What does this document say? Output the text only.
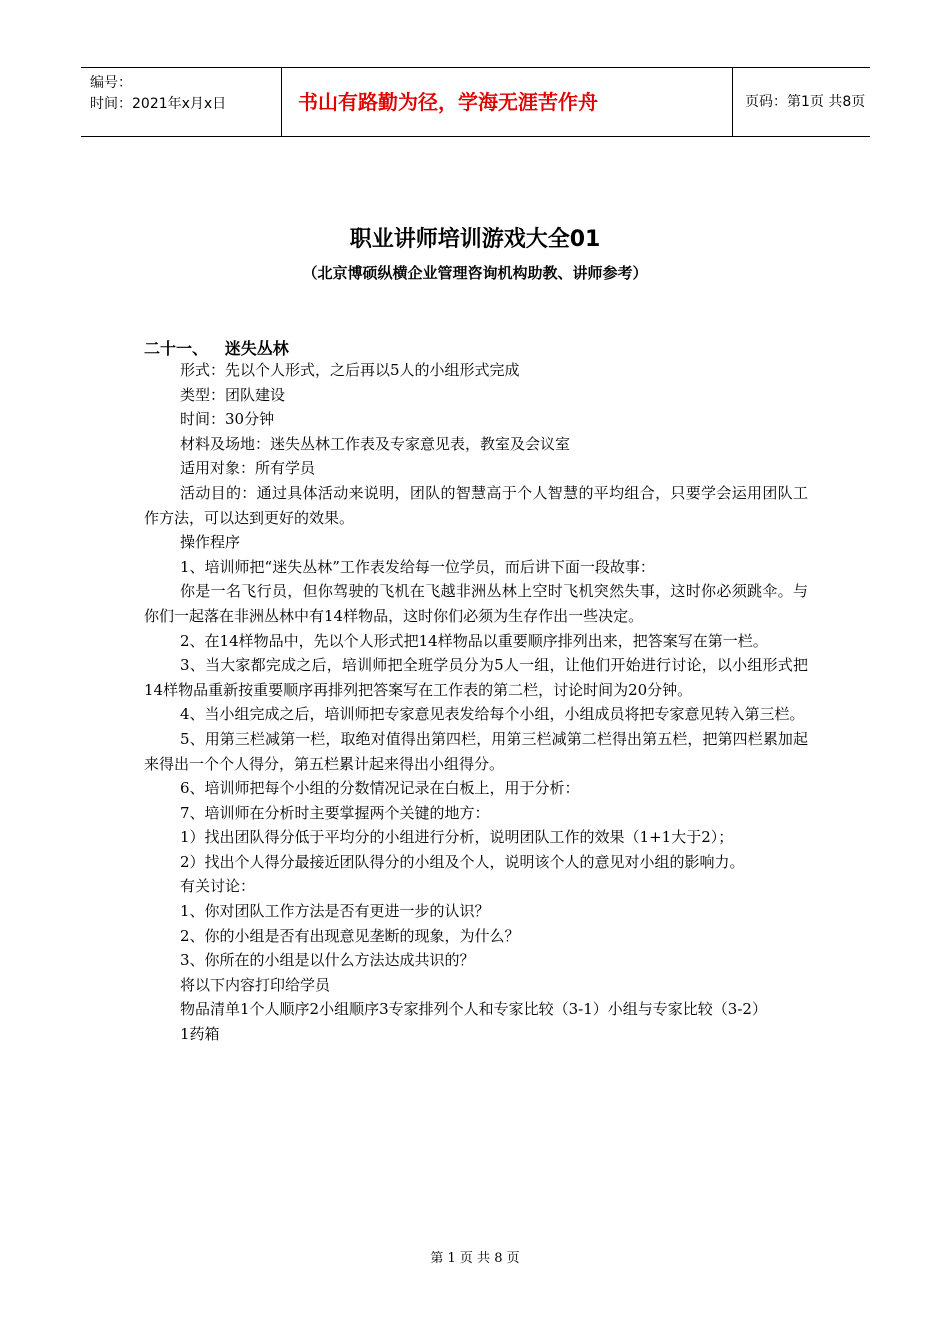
编号：
时间：2021年x月x日	书山有路勤为径，学海无涯苦作舟	页码：第1页 共8页
职业讲师培训游戏大全01
（北京博硕纵横企业管理咨询机构助教、讲师参考）
二十一、   迷失丛林

形式：先以个人形式，之后再以5人的小组形式完成

类型：团队建设

时间：30分钟

材料及场地：迷失丛林工作表及专家意见表，教室及会议室

适用对象：所有学员

活动目的：通过具体活动来说明，团队的智慧高于个人智慧的平均组合，只要学会运用团队工作方法，可以达到更好的效果。

操作程序

1、培训师把“迷失丛林”工作表发给每一位学员，而后讲下面一段故事：

你是一名飞行员，但你驾驶的飞机在飞越非洲丛林上空时飞机突然失事，这时你必须跳伞。与你们一起落在非洲丛林中有14样物品，这时你们必须为生存作出一些决定。

2、在14样物品中，先以个人形式把14样物品以重要顺序排列出来，把答案写在第一栏。

3、当大家都完成之后，培训师把全班学员分为5人一组，让他们开始进行讨论，以小组形式把14样物品重新按重要顺序再排列把答案写在工作表的第二栏，讨论时间为20分钟。

4、当小组完成之后，培训师把专家意见表发给每个小组，小组成员将把专家意见转入第三栏。

5、用第三栏减第一栏，取绝对值得出第四栏，用第三栏减第二栏得出第五栏，把第四栏累加起来得出一个个人得分，第五栏累计起来得出小组得分。

6、培训师把每个小组的分数情况记录在白板上，用于分析：

7、培训师在分析时主要掌握两个关键的地方：

1）找出团队得分低于平均分的小组进行分析，说明团队工作的效果（1+1大于2）；

2）找出个人得分最接近团队得分的小组及个人，说明该个人的意见对小组的影响力。

有关讨论：

1、你对团队工作方法是否有更进一步的认识？

2、你的小组是否有出现意见垄断的现象，为什么？

3、你所在的小组是以什么方法达成共识的？

将以下内容打印给学员

物品清单1个人顺序2小组顺序3专家排列个人和专家比较（3-1）小组与专家比较（3-2）

1药箱

第 1 页 共 8 页
